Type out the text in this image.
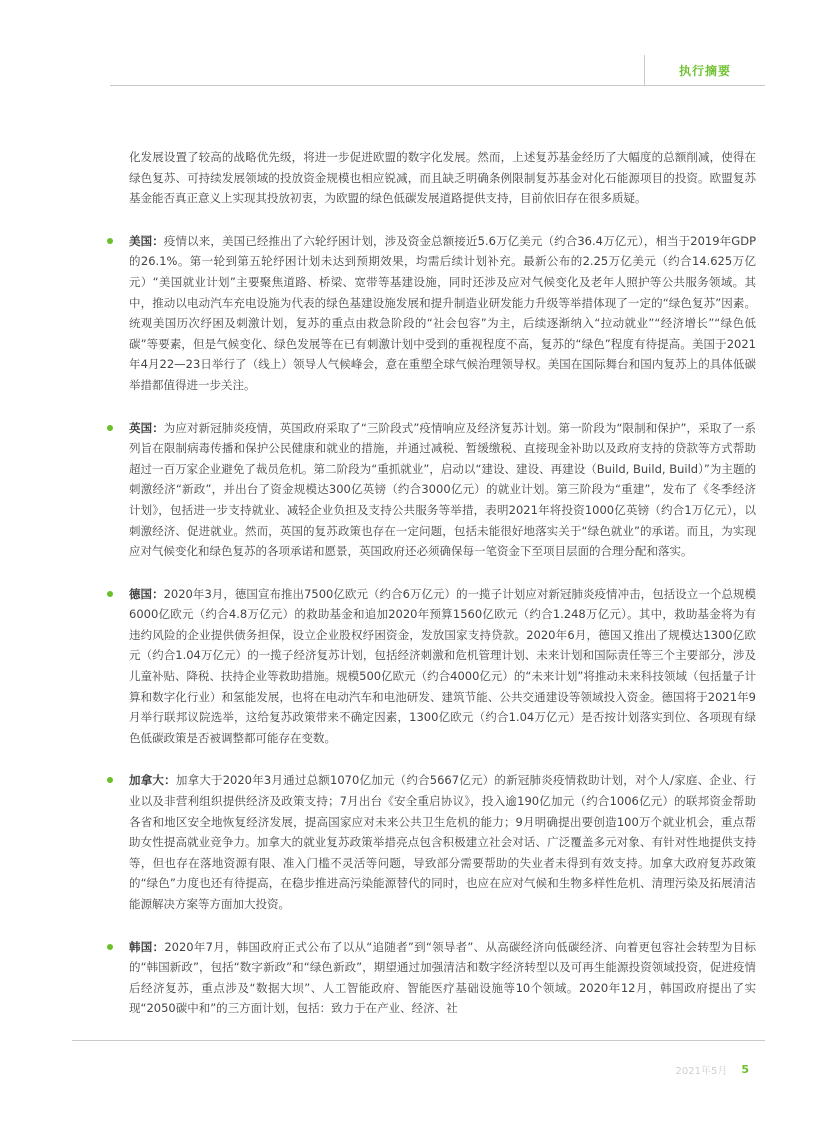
执行摘要

化发展设置了较高的战略优先级，将进一步促进欧盟的数字化发展。然而，上述复苏基金经历了大幅度的总额削减，使得在绿色复苏、可持续发展领域的投放资金规模也相应锐减，而且缺乏明确条例限制复苏基金对化石能源项目的投资。欧盟复苏基金能否真正意义上实现其投放初衷，为欧盟的绿色低碳发展道路提供支持，目前依旧存在很多质疑。

美国：疫情以来，美国已经推出了六轮纾困计划，涉及资金总额接近5.6万亿美元（约合36.4万亿元），相当于2019年GDP的26.1%。第一轮到第五轮纾困计划未达到预期效果，均需后续计划补充。最新公布的2.25万亿美元（约合14.625万亿元）“美国就业计划”主要聚焦道路、桥梁、宽带等基建设施，同时还涉及应对气候变化及老年人照护等公共服务领域。其中，推动以电动汽车充电设施为代表的绿色基建设施发展和提升制造业研发能力升级等举措体现了一定的“绿色复苏”因素。统观美国历次纾困及刺激计划，复苏的重点由救急阶段的“社会包容”为主，后续逐渐纳入“拉动就业”“经济增长”“绿色低碳”等要素，但是气候变化、绿色发展等在已有刺激计划中受到的重视程度不高，复苏的“绿色”程度有待提高。美国于2021年4月22—23日举行了（线上）领导人气候峰会，意在重塑全球气候治理领导权。美国在国际舞台和国内复苏上的具体低碳举措都值得进一步关注。

英国：为应对新冠肺炎疫情，英国政府采取了“三阶段式”疫情响应及经济复苏计划。第一阶段为“限制和保护”，采取了一系列旨在限制病毒传播和保护公民健康和就业的措施，并通过减税、暂缓缴税、直接现金补助以及政府支持的贷款等方式帮助超过一百万家企业避免了裁员危机。第二阶段为“重抓就业”，启动以“建设、建设、再建设（Build, Build, Build）”为主题的刺激经济“新政”，并出台了资金规模达300亿英镑（约合3000亿元）的就业计划。第三阶段为“重建”，发布了《冬季经济计划》，包括进一步支持就业、减轻企业负担及支持公共服务等举措，表明2021年将投资1000亿英镑（约合1万亿元），以刺激经济、促进就业。然而，英国的复苏政策也存在一定问题，包括未能很好地落实关于“绿色就业”的承诺。而且，为实现应对气候变化和绿色复苏的各项承诺和愿景，英国政府还必须确保每一笔资金下至项目层面的合理分配和落实。

德国：2020年3月，德国宣布推出7500亿欧元（约合6万亿元）的一揽子计划应对新冠肺炎疫情冲击，包括设立一个总规模6000亿欧元（约合4.8万亿元）的救助基金和追加2020年预算1560亿欧元（约合1.248万亿元）。其中，救助基金将为有违约风险的企业提供债务担保，设立企业股权纾困资金，发放国家支持贷款。2020年6月，德国又推出了规模达1300亿欧元（约合1.04万亿元）的一揽子经济复苏计划，包括经济刺激和危机管理计划、未来计划和国际责任等三个主要部分，涉及儿童补贴、降税、扶持企业等救助措施。规模500亿欧元（约合4000亿元）的“未来计划”将推动未来科技领域（包括量子计算和数字化行业）和氢能发展，也将在电动汽车和电池研发、建筑节能、公共交通建设等领域投入资金。德国将于2021年9月举行联邦议院选举，这给复苏政策带来不确定因素，1300亿欧元（约合1.04万亿元）是否按计划落实到位、各项现有绿色低碳政策是否被调整都可能存在变数。

加拿大：加拿大于2020年3月通过总额1070亿加元（约合5667亿元）的新冠肺炎疫情救助计划，对个人/家庭、企业、行业以及非营利组织提供经济及政策支持；7月出台《安全重启协议》，投入逾190亿加元（约合1006亿元）的联邦资金帮助各省和地区安全地恢复经济发展，提高国家应对未来公共卫生危机的能力；9月明确提出要创造100万个就业机会，重点帮助女性提高就业竞争力。加拿大的就业复苏政策举措亮点包含积极建立社会对话、广泛覆盖多元对象、有针对性地提供支持等，但也存在落地资源有限、准入门槛不灵活等问题，导致部分需要帮助的失业者未得到有效支持。加拿大政府复苏政策的“绿色”力度也还有待提高，在稳步推进高污染能源替代的同时，也应在应对气候和生物多样性危机、清理污染及拓展清洁能源解决方案等方面加大投资。

韩国：2020年7月，韩国政府正式公布了以从“追随者”到“领导者”、从高碳经济向低碳经济、向着更包容社会转型为目标的“韩国新政”，包括“数字新政”和“绿色新政”，期望通过加强清洁和数字经济转型以及可再生能源投资领域投资，促进疫情后经济复苏，重点涉及“数据大坝”、人工智能政府、智能医疗基础设施等10个领域。2020年12月，韩国政府提出了实现“2050碳中和”的三方面计划，包括：致力于在产业、经济、社

2021年5月 5
